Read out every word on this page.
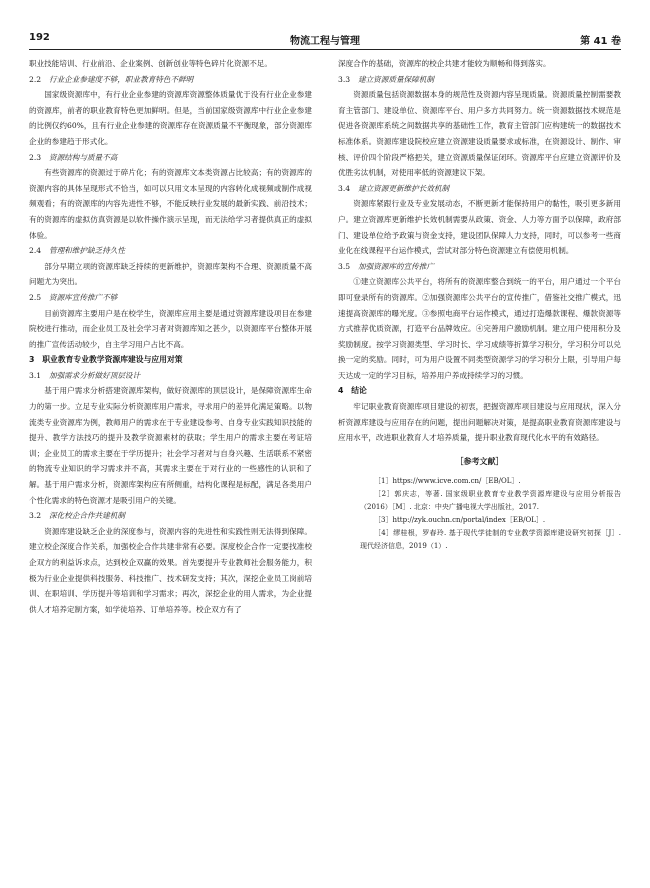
192	物流工程与管理	第 41 卷

职业技能培训、行业前沿、企业案例、创新创业等特色碎片化资源不足。

2.2 行业企业参建度不够，职业教育特色不鲜明

国家级资源库中，有行业企业参建的资源库资源整体质量优于没有行业企业参建的资源库，前者的职业教育特色更加鲜明。但是，当前国家级资源库中行业企业参建的比例仅约60%，且有行业企业参建的资源库存在资源质量不平衡现象，部分资源库企业的参建趋于形式化。

2.3 资源结构与质量不高

有些资源库的资源过于碎片化；有的资源库文本类资源占比较高；有的资源库的资源内容的具体呈现形式不恰当，如可以只用文本呈现的内容转化成视频或制作成视频观看；有的资源库的内容先进性不够，不能反映行业发展的最新实践、前沿技术；有的资源库的虚拟仿真资源是以软件操作演示呈现，而无法给学习者提供真正的虚拟体验。

2.4 管理和维护缺乏持久性

部分早期立项的资源库缺乏持续的更新维护，资源库架构不合理、资源质量不高问题尤为突出。

2.5 资源库宣传推广不够

目前资源库主要用户是在校学生，资源库应用主要是通过资源库建设项目在参建院校进行推动，而企业员工及社会学习者对资源库知之甚少，以资源库平台整体开展的推广宣传活动较少，自主学习用户占比不高。

3　职业教育专业教学资源库建设与应用对策
3.1 加强需求分析做好顶层设计

基于用户需求分析搭建资源库架构，做好资源库的顶层设计，是保障资源库生命力的第一步。立足专业实际分析资源库用户需求，寻求用户的差异化满足策略。以物流类专业资源库为例，教师用户的需求在于专业建设参考、自身专业实践知识技能的提升、教学方法技巧的提升及教学资源素材的获取；学生用户的需求主要在考证培训；企业员工的需求主要在于学历提升；社会学习者对与自身兴趣、生活联系不紧密的物流专业知识的学习需求并不高，其需求主要在于对行业的一些感性的认识和了解。基于用户需求分析，资源库架构应有所侧重，结构化课程是标配，满足各类用户个性化需求的特色资源才是吸引用户的关键。

3.2 深化校企合作共建机制

资源库建设缺乏企业的深度参与，资源内容的先进性和实践性则无法得到保障。建立校企深度合作关系，加强校企合作共建非常有必要。深度校企合作一定要找准校企双方的利益诉求点，达到校企双赢的效果。首先要提升专业教师社会服务能力，积极为行业企业提供科技服务、科技推广、技术研发支持；其次，深挖企业员工岗前培训、在职培训、学历提升等培训和学习需求；再次，深挖企业的用人需求，为企业提供人才培养定制方案，如学徒培养、订单培养等。校企双方有了

深度合作的基础，资源库的校企共建才能较为顺畅和得到落实。

3.3 建立资源质量保障机制

资源质量包括资源数据本身的规范性及资源内容呈现质量。资源质量控制需要教育主管部门、建设单位、资源库平台、用户多方共同努力。统一资源数据技术规范是促进各资源库系统之间数据共享的基础性工作，教育主管部门应构建统一的数据技术标准体系。资源库建设院校应建立资源建设质量要求或标准，在资源设计、制作、审核、评价四个阶段严格把关，建立资源质量保证闭环。资源库平台应建立资源评价及优胜劣汰机制，对使用率低的资源建议下架。

3.4 建立资源更新维护长效机制

资源库紧跟行业及专业发展动态，不断更新才能保持用户的黏性，吸引更多新用户。建立资源库更新维护长效机制需要从政策、资金、人力等方面予以保障，政府部门、建设单位给予政策与资金支持，建设团队保障人力支持，同时，可以参考一些商业化在线课程平台运作模式，尝试对部分特色资源建立有偿使用机制。

3.5 加强资源库的宣传推广

①建立资源库公共平台，将所有的资源库整合到统一的平台，用户通过一个平台即可登录所有的资源库。②加强资源库公共平台的宣传推广，借鉴社交推广模式，迅速提高资源库的曝光度。③参照电商平台运作模式，通过打造爆款课程、爆款资源等方式推荐优质资源，打造平台品牌效应。④完善用户激励机制。建立用户使用积分及奖励制度。按学习资源类型、学习时长、学习成绩等折算学习积分，学习积分可以兑换一定的奖励。同时，可为用户设置不同类型资源学习的学习积分上限，引导用户每天达成一定的学习目标，培养用户养成持续学习的习惯。

4　结论

牢记职业教育资源库项目建设的初衷，把握资源库项目建设与应用现状，深入分析资源库建设与应用存在的问题，提出问题解决对策，是提高职业教育资源库建设与应用水平，改进职业教育人才培养质量，提升职业教育现代化水平的有效路径。

［参考文献］

［1］https://www.icve.com.cn/［EB/OL］.

［2］郭庆志，等著. 国家级职业教育专业教学资源库建设与应用分析报告（2016）［M］. 北京：中央广播电视大学出版社，2017.

［3］http://zyk.ouchn.cn/portal/index［EB/OL］.

［4］缪桂根，罗春玲. 基于现代学徒制的专业教学资源库建设研究初探［J］. 现代经济信息，2019（1）.
